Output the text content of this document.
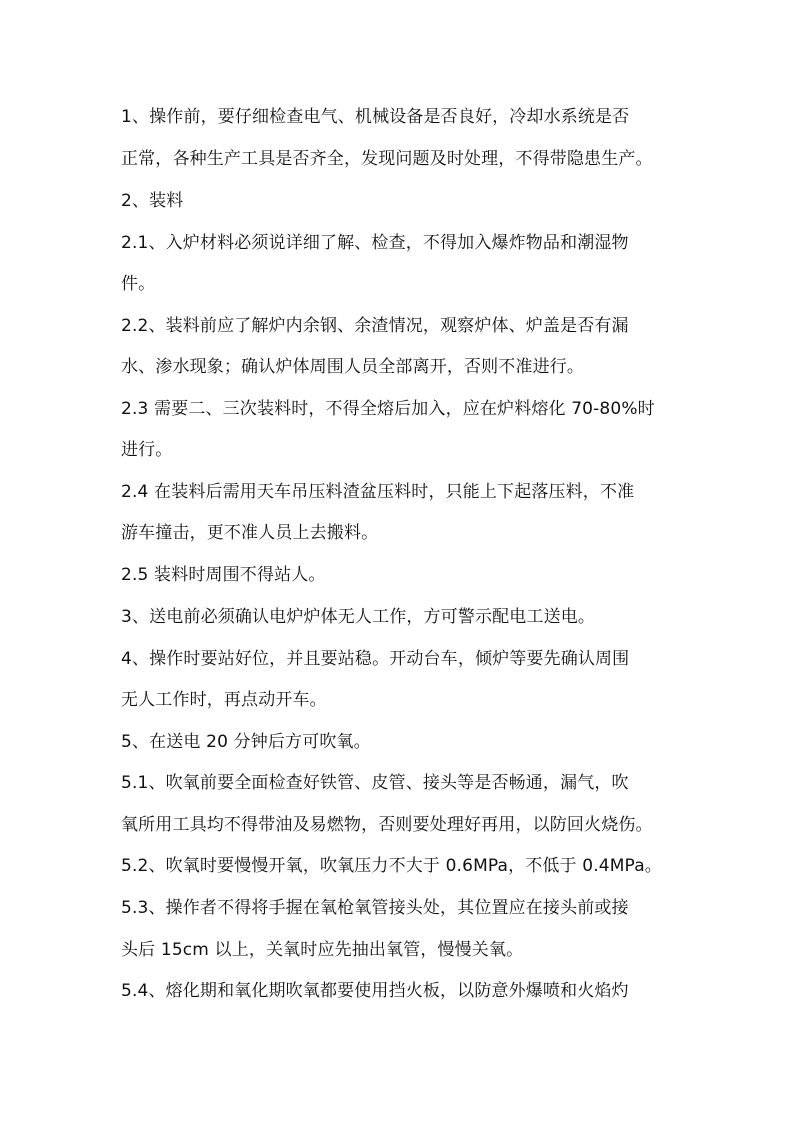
1、操作前，要仔细检查电气、机械设备是否良好，冷却水系统是否
正常，各种生产工具是否齐全，发现问题及时处理，不得带隐患生产。
2、装料
2.1、入炉材料必须说详细了解、检查，不得加入爆炸物品和潮湿物
件。
2.2、装料前应了解炉内余钢、余渣情况，观察炉体、炉盖是否有漏
水、渗水现象；确认炉体周围人员全部离开，否则不准进行。
2.3 需要二、三次装料时，不得全熔后加入，应在炉料熔化 70-80%时
进行。
2.4 在装料后需用天车吊压料渣盆压料时，只能上下起落压料，不准
游车撞击，更不准人员上去搬料。
2.5 装料时周围不得站人。
3、送电前必须确认电炉炉体无人工作，方可警示配电工送电。
4、操作时要站好位，并且要站稳。开动台车，倾炉等要先确认周围
无人工作时，再点动开车。
5、在送电 20 分钟后方可吹氧。
5.1、吹氧前要全面检查好铁管、皮管、接头等是否畅通，漏气，吹
氧所用工具均不得带油及易燃物，否则要处理好再用，以防回火烧伤。
5.2、吹氧时要慢慢开氧，吹氧压力不大于 0.6MPa，不低于 0.4MPa。
5.3、操作者不得将手握在氧枪氧管接头处，其位置应在接头前或接
头后 15cm 以上，关氧时应先抽出氧管，慢慢关氧。
5.4、熔化期和氧化期吹氧都要使用挡火板，以防意外爆喷和火焰灼
